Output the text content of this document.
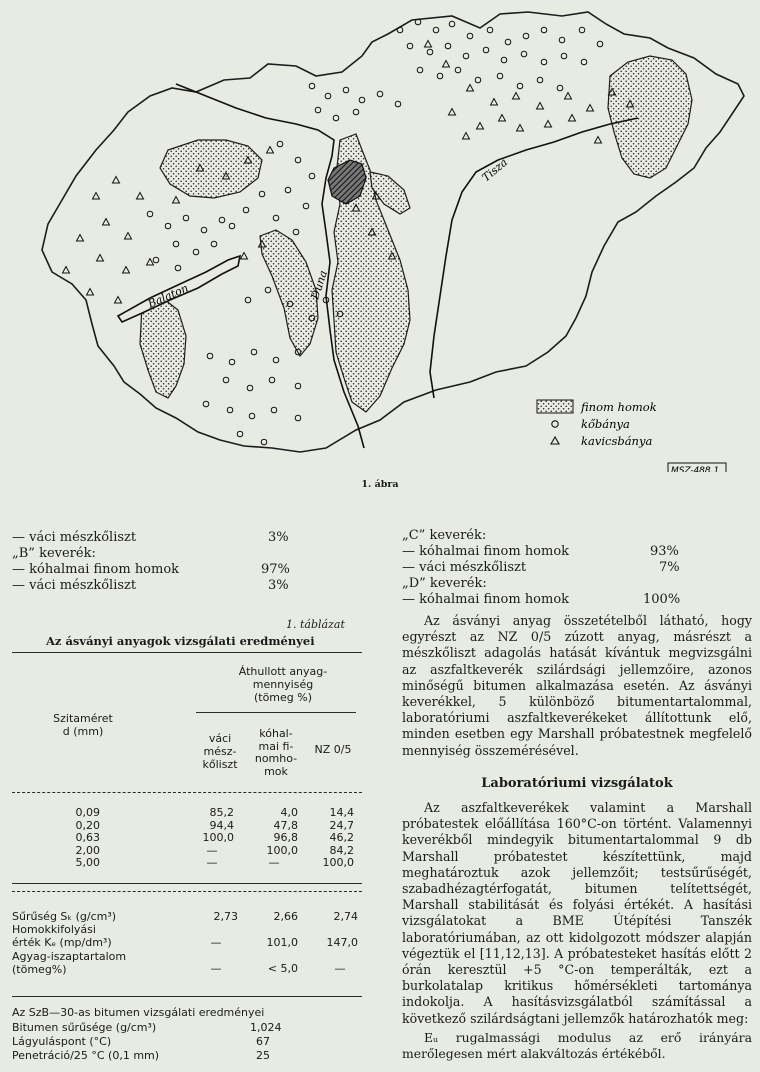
Balaton	Duna
Tisza
finom homok
kőbánya
kavicsbánya
MSZ-488.1
1. ábra
— váci mészkőliszt	3%
„B” keverék:
— kóhalmai finom homok	97%
— váci mészkőliszt	3%
1. táblázat
Az ásványi anyagok vizsgálati eredményei
Áthullott anyag-
mennyiség
(tömeg %)
Szitaméret
d (mm)
váci
mész-
kőliszt
kóhal-
mai fi-
nomho-
mok
NZ 0/5
0,09	85,2	4,0	14,4
0,20	94,4	47,8	24,7
0,63	100,0	96,8	46,2
2,00	—	100,0	84,2
5,00	—	—	100,0
Sűrűség Sₖ (g/cm³)	2,73	2,66	2,74
Homokkifolyási
érték Kₑ (mp/dm³)	—	101,0	147,0
Agyag-iszaptartalom
(tömeg%)	—	< 5,0	—
Az SzB—30-as bitumen vizsgálati eredményei
Bitumen sűrűsége (g/cm³)	1,024
Lágyuláspont (°C)	67
Penetráció/25 °C (0,1 mm)	25
„C” keverék:
— kóhalmai finom homok	93%
— váci mészkőliszt	7%
„D” keverék:
— kóhalmai finom homok	100%
Az ásványi anyag összetételből látható, hogy egyrészt az NZ 0/5 zúzott anyag, másrészt a mészkőliszt adagolás hatását kívántuk megvizsgálni az aszfaltkeverék szilárdsági jellemzőire, azonos minőségű bitumen alkalmazása esetén. Az ásványi keverékkel, 5 különböző bitumentartalommal, laboratóriumi aszfaltkeverékeket állítottunk elő, minden esetben egy Marshall próbatestnek megfelelő mennyiség összemérésével.
Laboratóriumi vizsgálatok
Az aszfaltkeverékek valamint a Marshall próbatestek előállítása 160°C-on történt. Valamennyi keverékből mindegyik bitumentartalommal 9 db Marshall próbatestet készítettünk, majd meghatároztuk azok jellemzőit; testsűrűségét, szabadhézagtérfogatát, bitumen telítettségét, Marshall stabilitását és folyási értékét. A hasítási vizsgálatokat a BME Útépítési Tanszék laboratóriumában, az ott kidolgozott módszer alapján végeztük el [11,12,13]. A próbatesteket hasítás előtt 2 órán keresztül +5 °C-on temperálták, ezt a burkolatalap kritikus hőmérsékleti tartománya indokolja. A hasításvizsgálatból számítással a következő szilárdságtani jellemzők határozhatók meg:
Eᵤ rugalmassági modulus az erő irányára merőlegesen mért alakváltozás értékéből.
